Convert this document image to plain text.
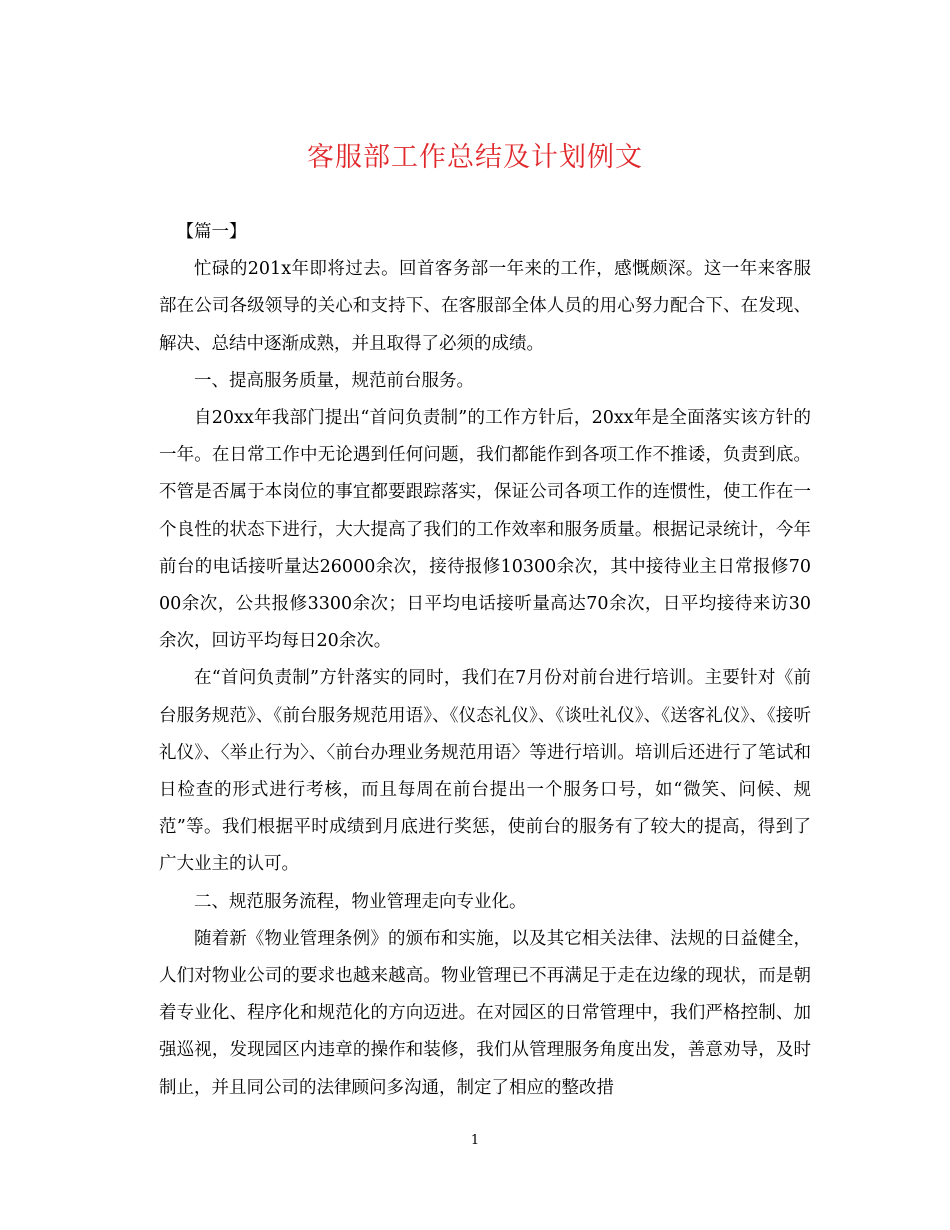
客服部工作总结及计划例文

【篇一】

忙碌的201x年即将过去。回首客务部一年来的工作，感慨颇深。这一年来客服部在公司各级领导的关心和支持下、在客服部全体人员的用心努力配合下、在发现、解决、总结中逐渐成熟，并且取得了必须的成绩。

一、提高服务质量，规范前台服务。

自20xx年我部门提出“首问负责制”的工作方针后，20xx年是全面落实该方针的一年。在日常工作中无论遇到任何问题，我们都能作到各项工作不推诿，负责到底。不管是否属于本岗位的事宜都要跟踪落实，保证公司各项工作的连惯性，使工作在一个良性的状态下进行，大大提高了我们的工作效率和服务质量。根据记录统计，今年前台的电话接听量达26000余次，接待报修10300余次，其中接待业主日常报修7000余次，公共报修3300余次；日平均电话接听量高达70余次，日平均接待来访30余次，回访平均每日20余次。

在“首问负责制”方针落实的同时，我们在7月份对前台进行培训。主要针对《前台服务规范》、《前台服务规范用语》、《仪态礼仪》、《谈吐礼仪》、《送客礼仪》、《接听礼仪》、〈举止行为〉、〈前台办理业务规范用语〉等进行培训。培训后还进行了笔试和日检查的形式进行考核，而且每周在前台提出一个服务口号，如“微笑、问候、规范”等。我们根据平时成绩到月底进行奖惩，使前台的服务有了较大的提高，得到了广大业主的认可。

二、规范服务流程，物业管理走向专业化。

随着新《物业管理条例》的颁布和实施，以及其它相关法律、法规的日益健全，人们对物业公司的要求也越来越高。物业管理已不再满足于走在边缘的现状，而是朝着专业化、程序化和规范化的方向迈进。在对园区的日常管理中，我们严格控制、加强巡视，发现园区内违章的操作和装修，我们从管理服务角度出发，善意劝导，及时制止，并且同公司的法律顾问多沟通，制定了相应的整改措

1
